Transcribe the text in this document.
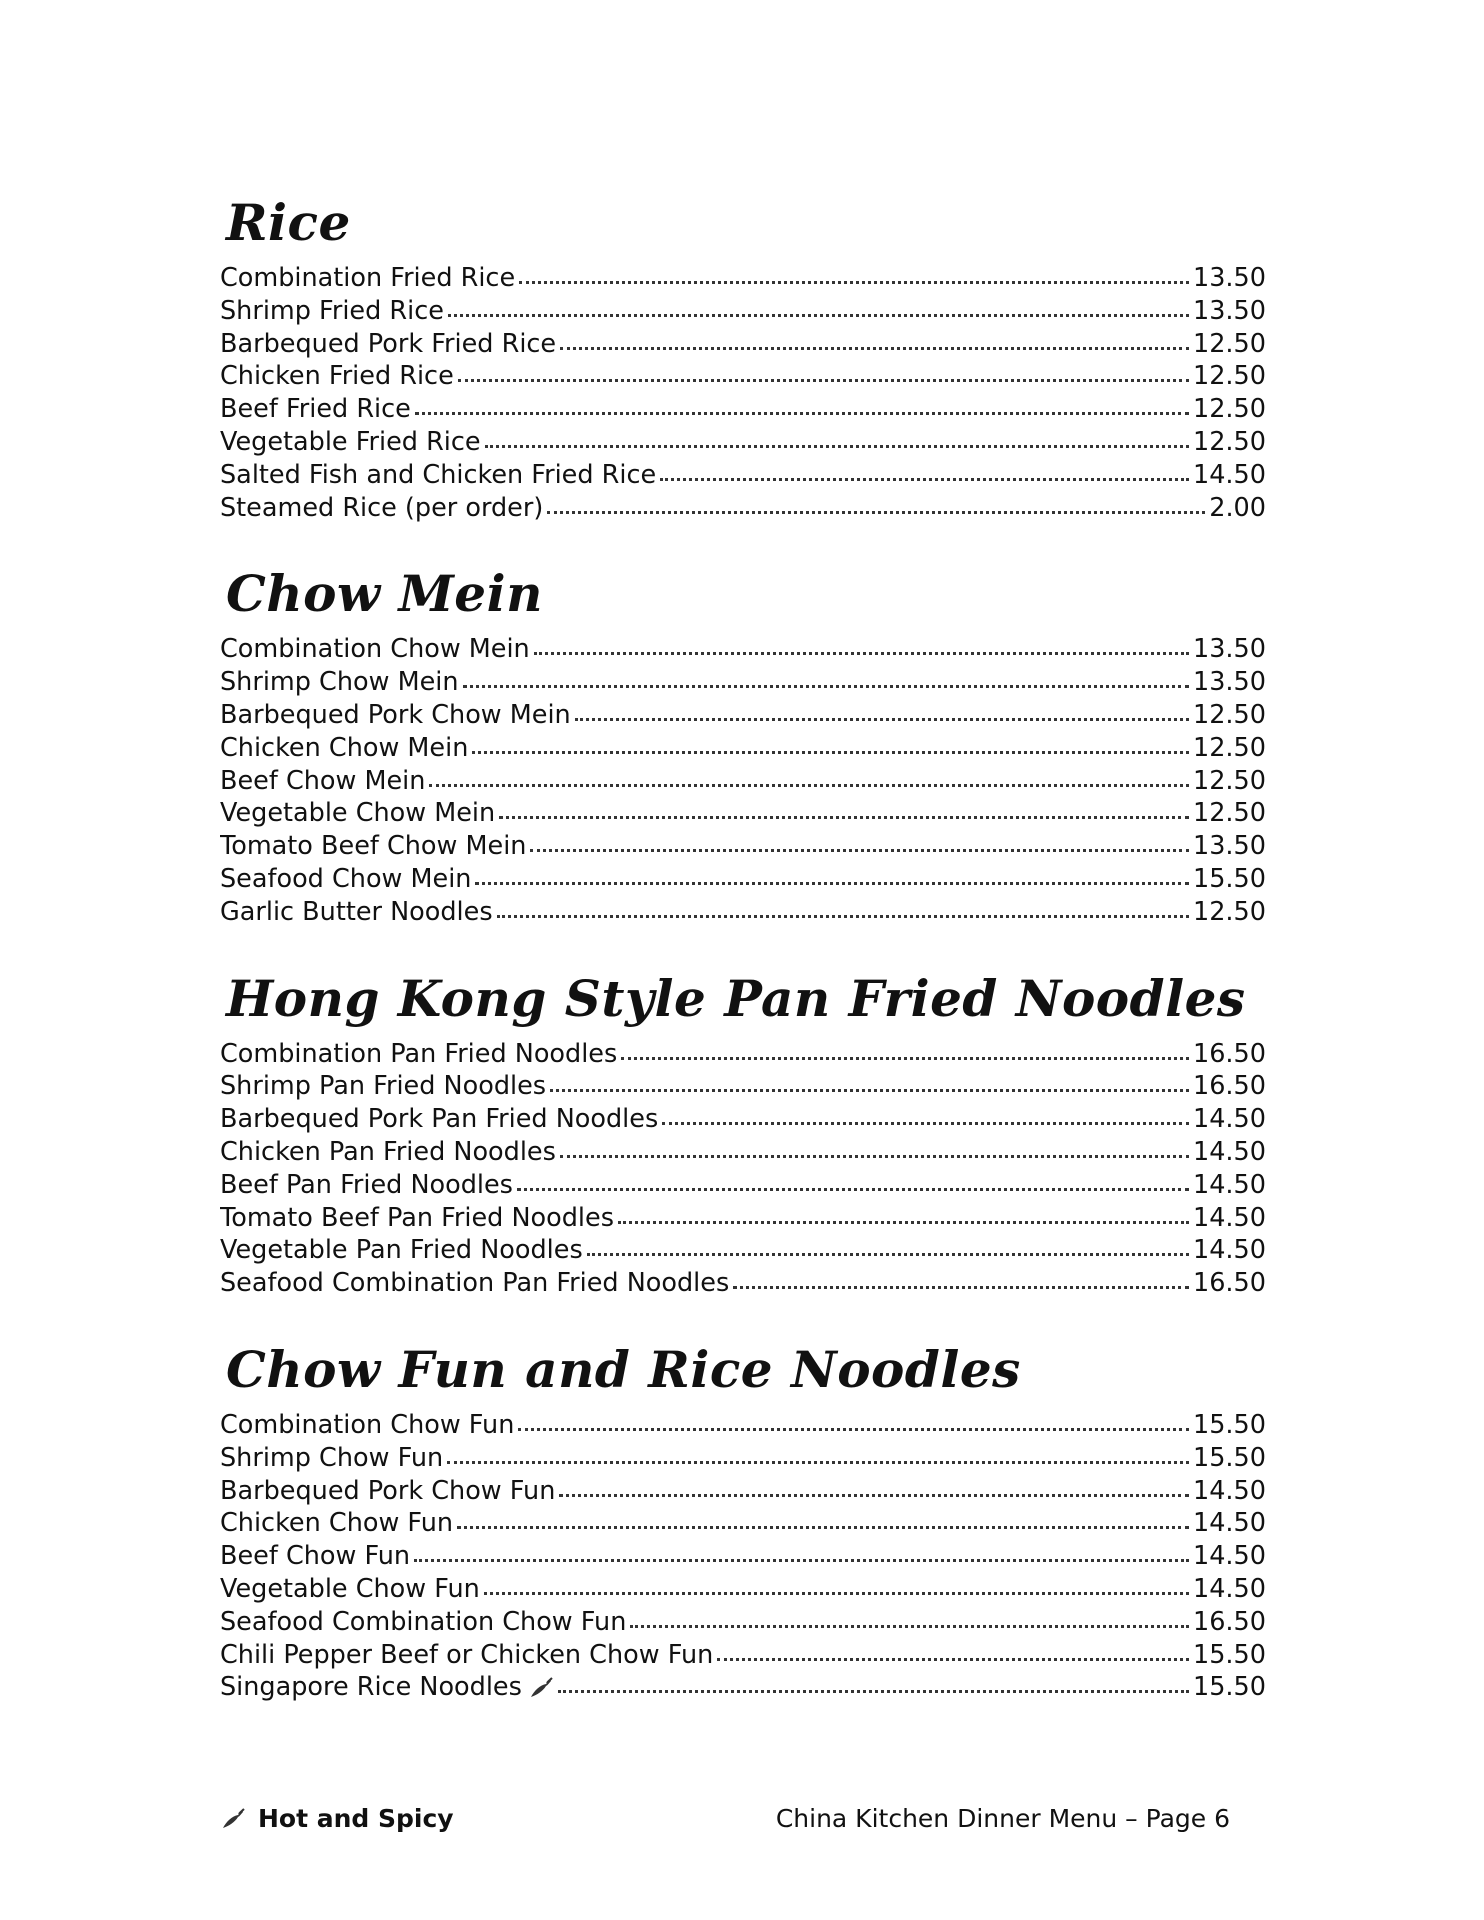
Rice
Combination Fried Rice	13.50
Shrimp Fried Rice	13.50
Barbequed Pork Fried Rice	12.50
Chicken Fried Rice	12.50
Beef Fried Rice	12.50
Vegetable Fried Rice	12.50
Salted Fish and Chicken Fried Rice	14.50
Steamed Rice (per order)	2.00
Chow Mein
Combination Chow Mein	13.50
Shrimp Chow Mein	13.50
Barbequed Pork Chow Mein	12.50
Chicken Chow Mein	12.50
Beef Chow Mein	12.50
Vegetable Chow Mein	12.50
Tomato Beef Chow Mein	13.50
Seafood Chow Mein	15.50
Garlic Butter Noodles	12.50
Hong Kong Style Pan Fried Noodles
Combination Pan Fried Noodles	16.50
Shrimp Pan Fried Noodles	16.50
Barbequed Pork Pan Fried Noodles	14.50
Chicken Pan Fried Noodles	14.50
Beef Pan Fried Noodles	14.50
Tomato Beef Pan Fried Noodles	14.50
Vegetable Pan Fried Noodles	14.50
Seafood Combination Pan Fried Noodles	16.50
Chow Fun and Rice Noodles
Combination Chow Fun	15.50
Shrimp Chow Fun	15.50
Barbequed Pork Chow Fun	14.50
Chicken Chow Fun	14.50
Beef Chow Fun	14.50
Vegetable Chow Fun	14.50
Seafood Combination Chow Fun	16.50
Chili Pepper Beef or Chicken Chow Fun	15.50
Singapore Rice Noodles	15.50
Hot and Spicy	China Kitchen Dinner Menu – Page 6
